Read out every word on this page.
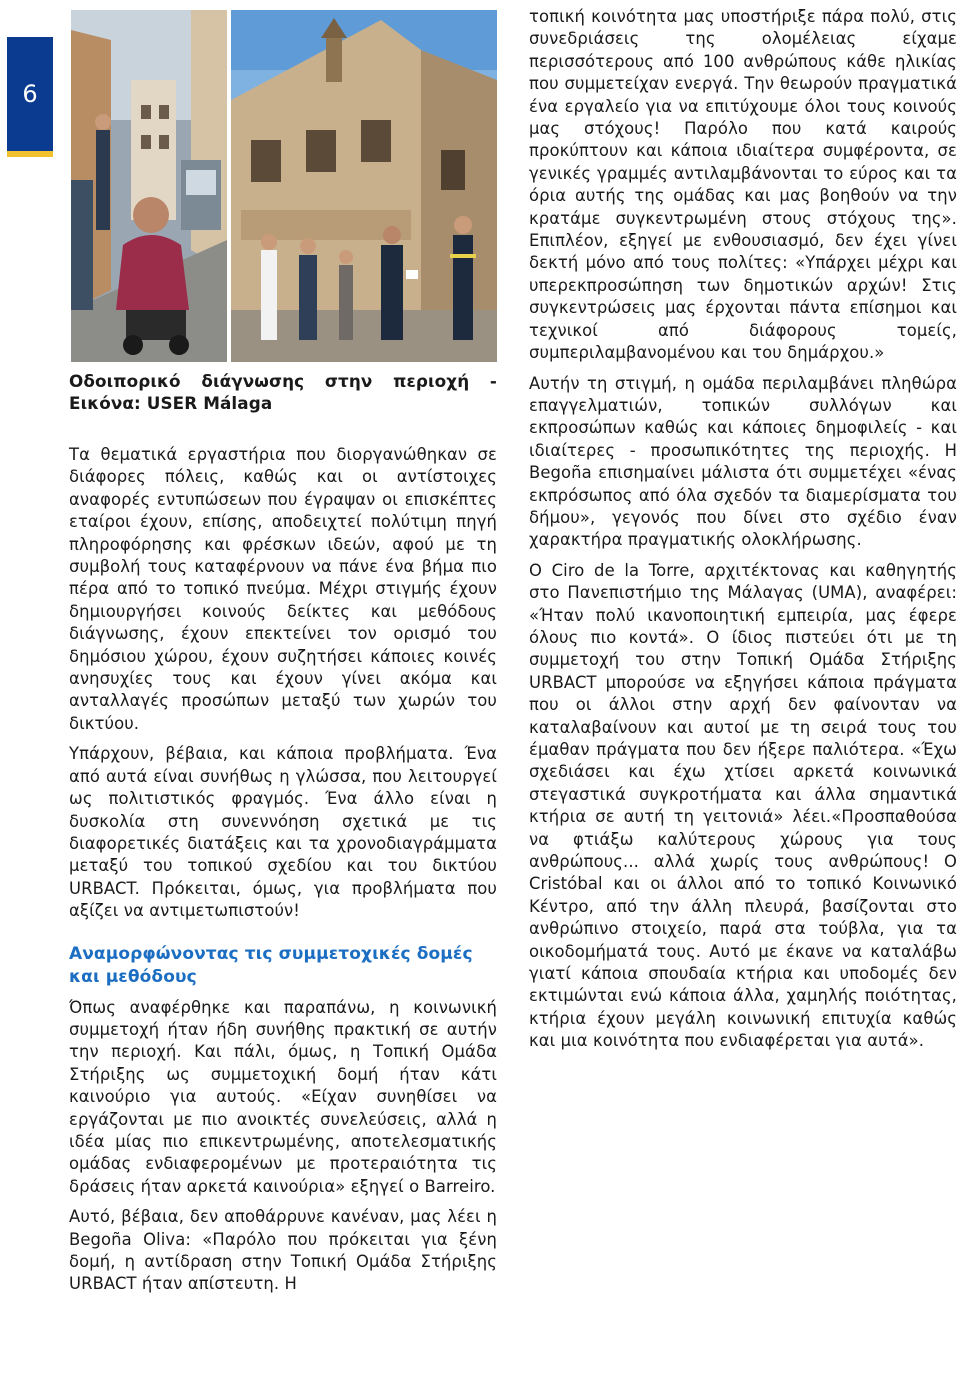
6

Οδοιπορικό διάγνωσης στην περιοχή - Εικόνα: USER Málaga

Τα θεματικά εργαστήρια που διοργανώθηκαν σε διάφορες πόλεις, καθώς και οι αντίστοιχες αναφορές εντυπώσεων που έγραψαν οι επισκέπτες εταίροι έχουν, επίσης, αποδειχτεί πολύτιμη πηγή πληροφόρησης και φρέσκων ιδεών, αφού με τη συμβολή τους καταφέρνουν να πάνε ένα βήμα πιο πέρα από το τοπικό πνεύμα. Μέχρι στιγμής έχουν δημιουργήσει κοινούς δείκτες και μεθόδους διάγνωσης, έχουν επεκτείνει τον ορισμό του δημόσιου χώρου, έχουν συζητήσει κάποιες κοινές ανησυχίες τους και έχουν γίνει ακόμα και ανταλλαγές προσώπων μεταξύ των χωρών του δικτύου.

Υπάρχουν, βέβαια, και κάποια προβλήματα. Ένα από αυτά είναι συνήθως η γλώσσα, που λειτουργεί ως πολιτιστικός φραγμός. Ένα άλλο είναι η δυσκολία στη συνεννόηση σχετικά με τις διαφορετικές διατάξεις και τα χρονοδιαγράμματα μεταξύ του τοπικού σχεδίου και του δικτύου URBACT. Πρόκειται, όμως, για προβλήματα που αξίζει να αντιμετωπιστούν!

Αναμορφώνοντας τις συμμετοχικές δομές και μεθόδους

Όπως αναφέρθηκε και παραπάνω, η κοινωνική συμμετοχή ήταν ήδη συνήθης πρακτική σε αυτήν την περιοχή. Και πάλι, όμως, η Τοπική Ομάδα Στήριξης ως συμμετοχική δομή ήταν κάτι καινούριο για αυτούς. «Είχαν συνηθίσει να εργάζονται με πιο ανοικτές συνελεύσεις, αλλά η ιδέα μίας πιο επικεντρωμένης, αποτελεσματικής ομάδας ενδιαφερομένων με προτεραιότητα τις δράσεις ήταν αρκετά καινούρια» εξηγεί ο Barreiro.

Αυτό, βέβαια, δεν αποθάρρυνε κανέναν, μας λέει η Begoña Oliva: «Παρόλο που πρόκειται για ξένη δομή, η αντίδραση στην Τοπική Ομάδα Στήριξης URBACT ήταν απίστευτη. Η

τοπική κοινότητα μας υποστήριξε πάρα πολύ, στις συνεδριάσεις της ολομέλειας είχαμε περισσότερους από 100 ανθρώπους κάθε ηλικίας που συμμετείχαν ενεργά. Την θεωρούν πραγματικά ένα εργαλείο για να επιτύχουμε όλοι τους κοινούς μας στόχους! Παρόλο που κατά καιρούς προκύπτουν και κάποια ιδιαίτερα συμφέροντα, σε γενικές γραμμές αντιλαμβάνονται το εύρος και τα όρια αυτής της ομάδας και μας βοηθούν να την κρατάμε συγκεντρωμένη στους στόχους της». Επιπλέον, εξηγεί με ενθουσιασμό, δεν έχει γίνει δεκτή μόνο από τους πολίτες: «Υπάρχει μέχρι και υπερεκπροσώπηση των δημοτικών αρχών! Στις συγκεντρώσεις μας έρχονται πάντα επίσημοι και τεχνικοί από διάφορους τομείς, συμπεριλαμβανομένου και του δημάρχου.»

Αυτήν τη στιγμή, η ομάδα περιλαμβάνει πληθώρα επαγγελματιών, τοπικών συλλόγων και εκπροσώπων καθώς και κάποιες δημοφιλείς - και ιδιαίτερες - προσωπικότητες της περιοχής. Η Begoña επισημαίνει μάλιστα ότι συμμετέχει «ένας εκπρόσωπος από όλα σχεδόν τα διαμερίσματα του δήμου», γεγονός που δίνει στο σχέδιο έναν χαρακτήρα πραγματικής ολοκλήρωσης.

O Ciro de la Torre, αρχιτέκτονας και καθηγητής στο Πανεπιστήμιο της Μάλαγας (UMA), αναφέρει: «Ήταν πολύ ικανοποιητική εμπειρία, μας έφερε όλους πιο κοντά». Ο ίδιος πιστεύει ότι με τη συμμετοχή του στην Τοπική Ομάδα Στήριξης URBACT μπορούσε να εξηγήσει κάποια πράγματα που οι άλλοι στην αρχή δεν φαίνονταν να καταλαβαίνουν και αυτοί με τη σειρά τους του έμαθαν πράγματα που δεν ήξερε παλιότερα. «Έχω σχεδιάσει και έχω χτίσει αρκετά κοινωνικά στεγαστικά συγκροτήματα και άλλα σημαντικά κτήρια σε αυτή τη γειτονιά» λέει.«Προσπαθούσα να φτιάξω καλύτερους χώρους για τους ανθρώπους... αλλά χωρίς τους ανθρώπους! Ο Cristóbal και οι άλλοι από το τοπικό Κοινωνικό Κέντρο, από την άλλη πλευρά, βασίζονται στο ανθρώπινο στοιχείο, παρά στα τούβλα, για τα οικοδομήματά τους. Αυτό με έκανε να καταλάβω γιατί κάποια σπουδαία κτήρια και υποδομές δεν εκτιμώνται ενώ κάποια άλλα, χαμηλής ποιότητας, κτήρια έχουν μεγάλη κοινωνική επιτυχία καθώς και μια κοινότητα που ενδιαφέρεται για αυτά».
